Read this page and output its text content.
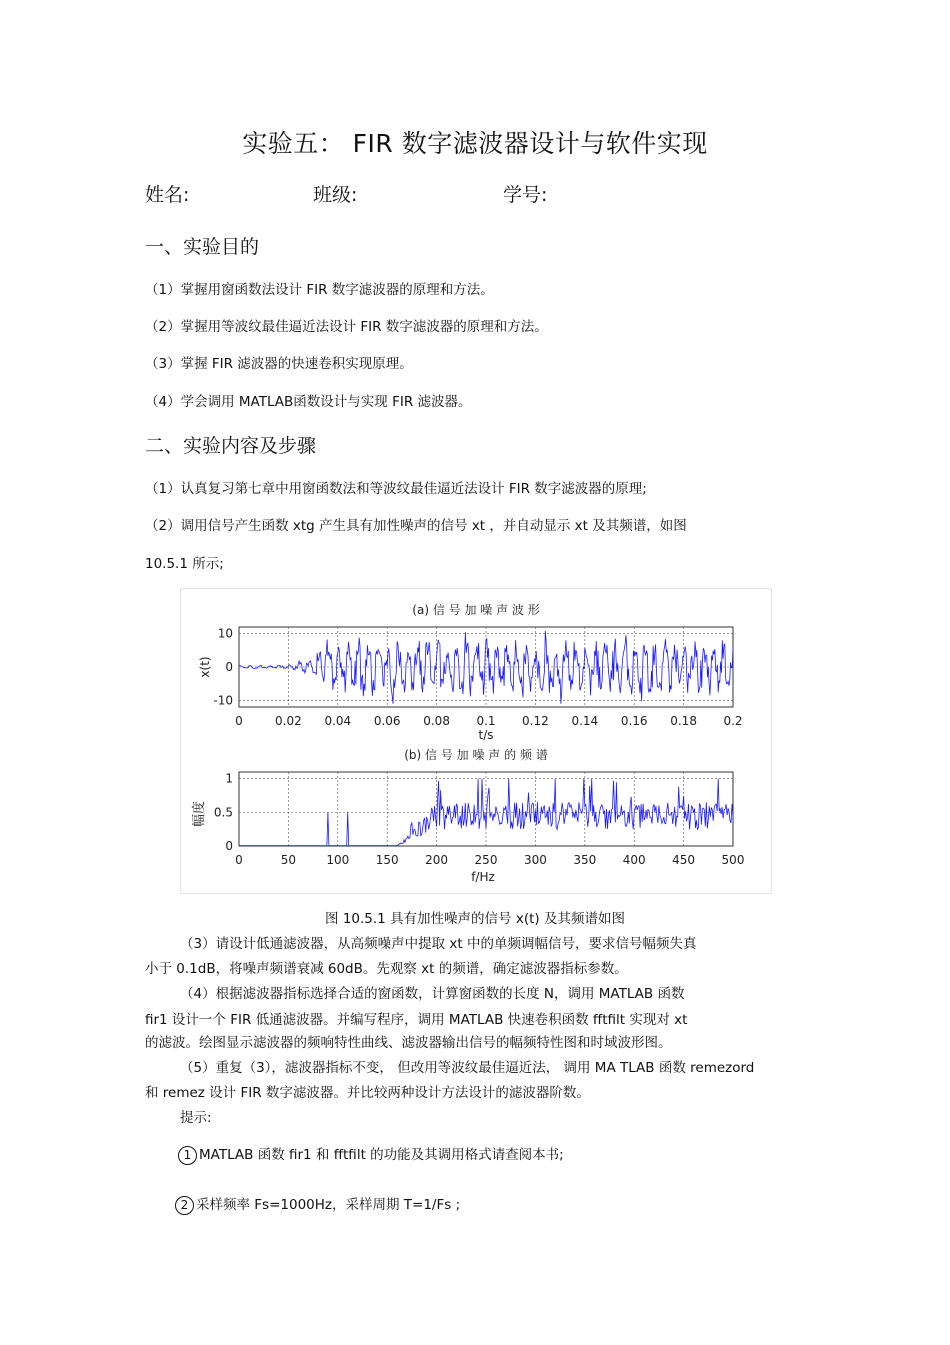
实验五： FIR 数字滤波器设计与软件实现
姓名:	班级:	学号:
一、实验目的
（1）掌握用窗函数法设计 FIR 数字滤波器的原理和方法。
（2）掌握用等波纹最佳逼近法设计 FIR 数字滤波器的原理和方法。
（3）掌握 FIR 滤波器的快速卷积实现原理。
（4）学会调用 MATLAB函数设计与实现 FIR 滤波器。
二、实验内容及步骤
（1）认真复习第七章中用窗函数法和等波纹最佳逼近法设计 FIR 数字滤波器的原理;
（2）调用信号产生函数 xtg 产生具有加性噪声的信号 xt ，并自动显示 xt 及其频谱，如图
10.5.1 所示;
(a) 信 号 加 噪 声 波 形
10
0
-10
0	0.02 0.04 0.06 0.08 0.1 0.12 0.14 0.16 0.18 0.2
x(t)
t/s
(b) 信 号 加 噪 声 的 频 谱
1
0.5
0
0	50	100 150 200 250 300 350 400 450 500
幅度
f/Hz
图 10.5.1 具有加性噪声的信号 x(t) 及其频谱如图
（3）请设计低通滤波器，从高频噪声中提取 xt 中的单频调幅信号，要求信号幅频失真
小于 0.1dB，将噪声频谱衰减 60dB。先观察 xt 的频谱，确定滤波器指标参数。
（4）根据滤波器指标选择合适的窗函数，计算窗函数的长度 N，调用 MATLAB 函数
fir1 设计一个 FIR 低通滤波器。并编写程序，调用 MATLAB 快速卷积函数 fftfilt 实现对 xt
的滤波。绘图显示滤波器的频响特性曲线、滤波器输出信号的幅频特性图和时域波形图。
（5）重复（3），滤波器指标不变， 但改用等波纹最佳逼近法， 调用 MA TLAB 函数 remezord
和 remez 设计 FIR 数字滤波器。并比较两种设计方法设计的滤波器阶数。
提示:
1 MATLAB 函数 fir1 和 fftfilt 的功能及其调用格式请查阅本书;
2 采样频率 Fs=1000Hz，采样周期 T=1/Fs ;
